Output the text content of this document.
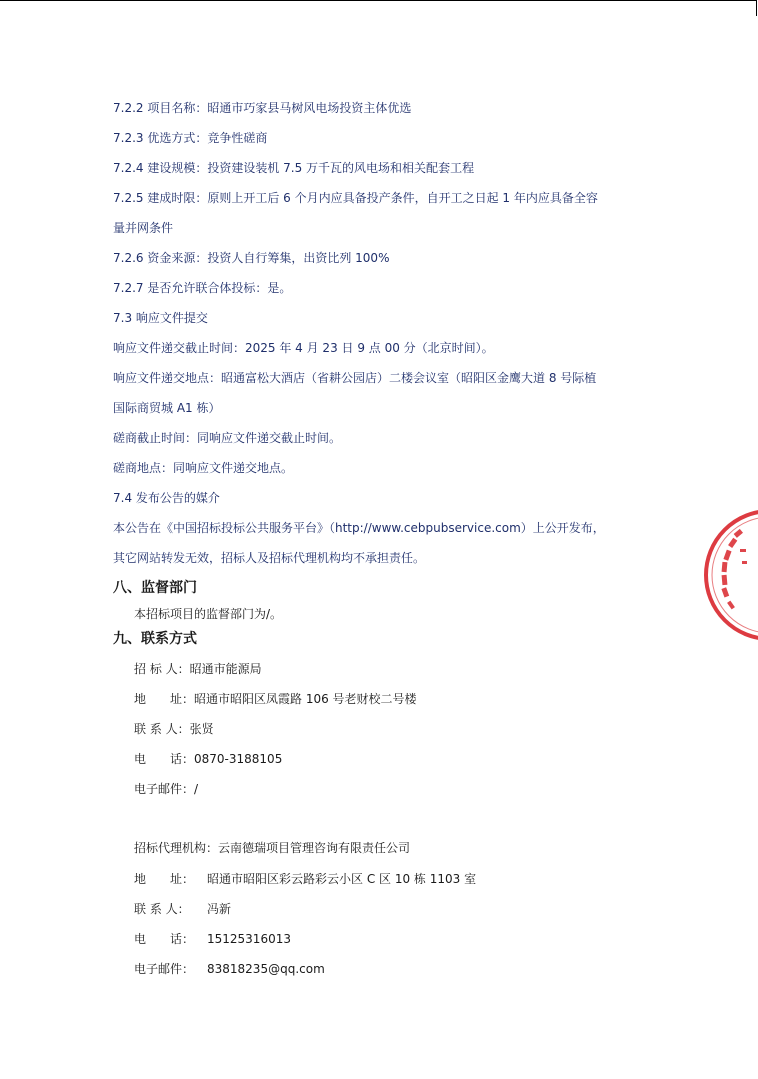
7.2.2 项目名称：昭通市巧家县马树风电场投资主体优选
7.2.3 优选方式：竞争性磋商
7.2.4 建设规模：投资建设装机 7.5 万千瓦的风电场和相关配套工程
7.2.5 建成时限：原则上开工后 6 个月内应具备投产条件，自开工之日起 1 年内应具备全容
量并网条件
7.2.6 资金来源：投资人自行筹集，出资比列 100%
7.2.7 是否允许联合体投标：是。
7.3 响应文件提交
响应文件递交截止时间：2025 年 4 月 23 日 9 点 00 分（北京时间）。
响应文件递交地点：昭通富松大酒店（省耕公园店）二楼会议室（昭阳区金鹰大道 8 号际植
国际商贸城 A1 栋）
磋商截止时间：同响应文件递交截止时间。
磋商地点：同响应文件递交地点。
7.4 发布公告的媒介
本公告在《中国招标投标公共服务平台》（http://www.cebpubservice.com）上公开发布，
其它网站转发无效，招标人及招标代理机构均不承担责任。
八、监督部门
本招标项目的监督部门为/。
九、联系方式
招 标 人：昭通市能源局
地　　址：昭通市昭阳区凤霞路 106 号老财校二号楼
联 系 人：张贤
电　　话：0870-3188105
电子邮件：/
招标代理机构：云南德瑞项目管理咨询有限责任公司
地　　址： 昭通市昭阳区彩云路彩云小区 C 区 10 栋 1103 室
联 系 人： 冯新
电　　话： 15125316013
电子邮件： 83818235@qq.com
